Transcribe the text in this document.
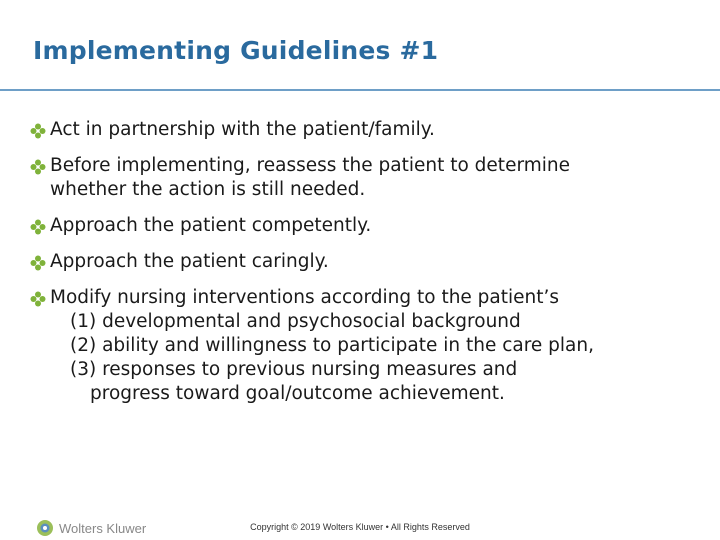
Implementing Guidelines #1
Act in partnership with the patient/family.
Before implementing, reassess the patient to determine
whether the action is still needed.
Approach the patient competently.
Approach the patient caringly.
Modify nursing interventions according to the patient’s
(1) developmental and psychosocial background
(2) ability and willingness to participate in the care plan,
(3) responses to previous nursing measures and
progress toward goal/outcome achievement.
Wolters Kluwer	Copyright © 2019 Wolters Kluwer • All Rights Reserved
